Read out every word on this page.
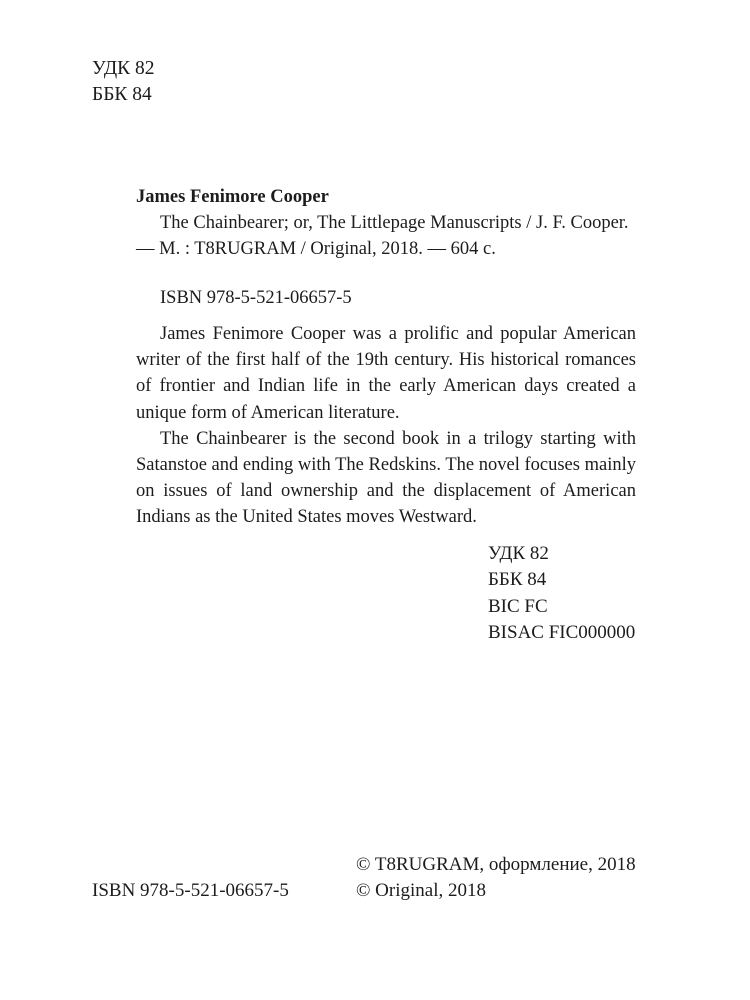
УДК 82
ББК 84
James Fenimore Cooper
The Chainbearer; or, The Littlepage Manuscripts / J. F. Cooper.
— M. : T8RUGRAM / Original, 2018. — 604 с.
ISBN 978-5-521-06657-5

James Fenimore Cooper was a prolific and popular American writer of the first half of the 19th century. His historical romances of frontier and Indian life in the early American days created a unique form of American literature.

The Chainbearer is the second book in a trilogy starting with Satanstoe and ending with The Redskins. The novel focuses mainly on issues of land ownership and the displacement of American Indians as the United States moves Westward.

УДК 82
ББК 84
BIC FC
BISAC FIC000000
© T8RUGRAM, оформление, 2018
© Original, 2018
ISBN 978-5-521-06657-5
